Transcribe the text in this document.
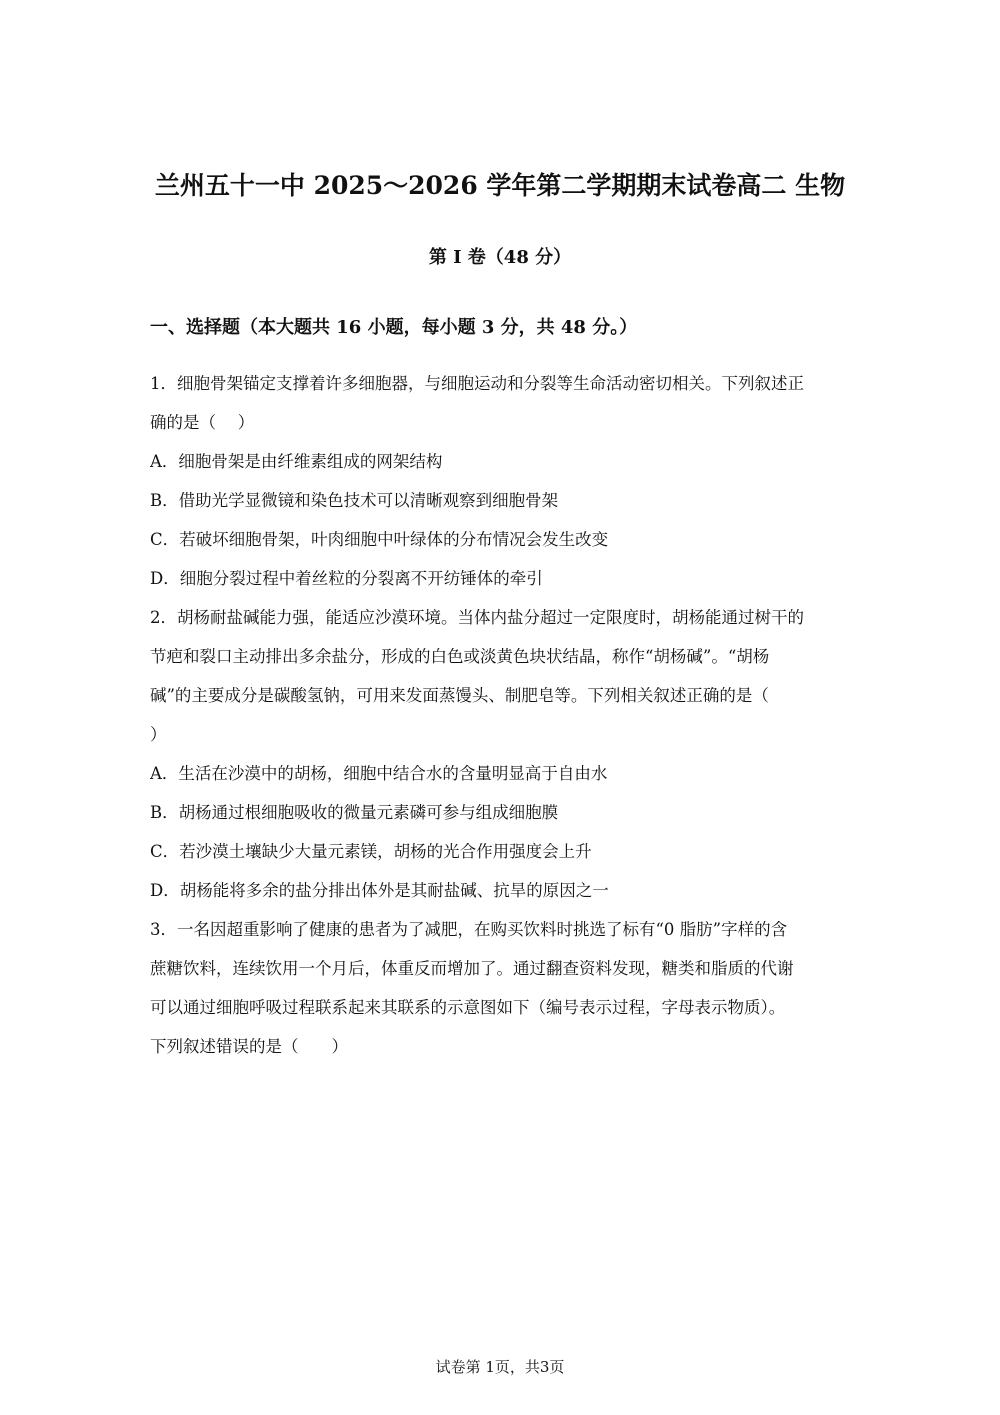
兰州五十一中 2025～2026 学年第二学期期末试卷高二 生物
第 Ⅰ 卷（48 分）
一、选择题（本大题共 16 小题，每小题 3 分，共 48 分。）
1．细胞骨架锚定支撑着许多细胞器，与细胞运动和分裂等生命活动密切相关。下列叙述正
确的是（　 ）
A．细胞骨架是由纤维素组成的网架结构
B．借助光学显微镜和染色技术可以清晰观察到细胞骨架
C．若破坏细胞骨架，叶肉细胞中叶绿体的分布情况会发生改变
D．细胞分裂过程中着丝粒的分裂离不开纺锤体的牵引
2．胡杨耐盐碱能力强，能适应沙漠环境。当体内盐分超过一定限度时，胡杨能通过树干的
节疤和裂口主动排出多余盐分，形成的白色或淡黄色块状结晶，称作“胡杨碱”。“胡杨
碱”的主要成分是碳酸氢钠，可用来发面蒸馒头、制肥皂等。下列相关叙述正确的是（
）
A．生活在沙漠中的胡杨，细胞中结合水的含量明显高于自由水
B．胡杨通过根细胞吸收的微量元素磷可参与组成细胞膜
C．若沙漠土壤缺少大量元素镁，胡杨的光合作用强度会上升
D．胡杨能将多余的盐分排出体外是其耐盐碱、抗旱的原因之一
3．一名因超重影响了健康的患者为了减肥，在购买饮料时挑选了标有“0 脂肪”字样的含
蔗糖饮料，连续饮用一个月后，体重反而增加了。通过翻查资料发现，糖类和脂质的代谢
可以通过细胞呼吸过程联系起来其联系的示意图如下（编号表示过程，字母表示物质）。
下列叙述错误的是（　　）
试卷第 1页，共3页
